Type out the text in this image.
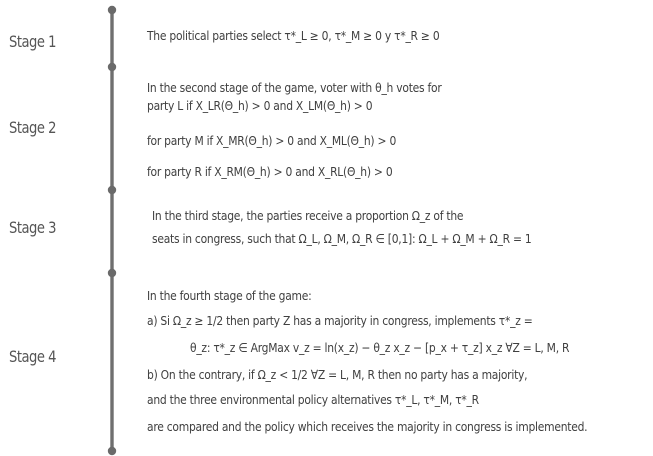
Stage 1
Stage 2
Stage 3
Stage 4
The political parties select τ*_L ≥ 0, τ*_M ≥ 0 y τ*_R ≥ 0
In the second stage of the game, voter with θ_h votes for
party L if X_LR(Θ_h) > 0 and X_LM(Θ_h) > 0
for party M if X_MR(Θ_h) > 0 and X_ML(Θ_h) > 0
for party R if X_RM(Θ_h) > 0 and X_RL(Θ_h) > 0
In the third stage, the parties receive a proportion Ω_z of the
seats in congress, such that Ω_L, Ω_M, Ω_R ∈ [0,1]: Ω_L + Ω_M + Ω_R = 1
In the fourth stage of the game:
a) Si Ω_z ≥ 1/2 then party Z has a majority in congress, implements τ*_z =
θ_z: τ*_z ∈ ArgMax v_z = ln(x_z) − θ_z x_z − [p_x + τ_z] x_z ∀Z = L, M, R
b) On the contrary, if Ω_z < 1/2 ∀Z = L, M, R then no party has a majority,
and the three environmental policy alternatives τ*_L, τ*_M, τ*_R
are compared and the policy which receives the majority in congress is implemented.
